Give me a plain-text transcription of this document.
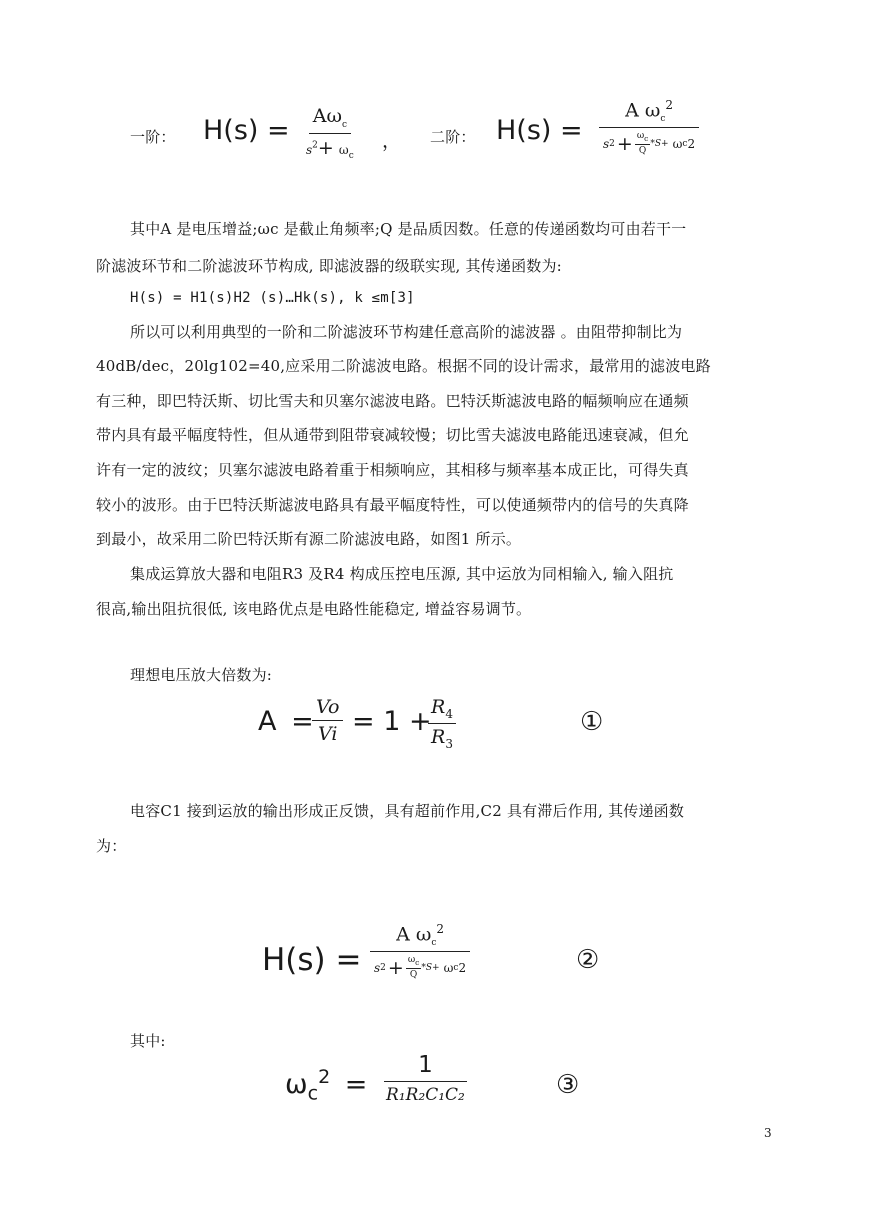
一阶： $H(s) = \frac{A\omega_c}{s^2+ \omega_c}$ ， 二阶： H(s) =
A $\omega_c^2$
s $2 + \frac{\omega_c}{Q} *S+ \omega$ c 2
其中A 是电压增益;ωc 是截止角频率;Q 是品质因数。任意的传递函数均可由若干一
阶滤波环节和二阶滤波环节构成, 即滤波器的级联实现, 其传递函数为:
H(s) = H1(s)H2 (s)…Hk(s), k ≤m[3]
所以可以利用典型的一阶和二阶滤波环节构建任意高阶的滤波器 。由阻带抑制比为
40dB/dec，20lg102=40,应采用二阶滤波电路。根据不同的设计需求，最常用的滤波电路
有三种，即巴特沃斯、切比雪夫和贝塞尔滤波电路。巴特沃斯滤波电路的幅频响应在通频
带内具有最平幅度特性，但从通带到阻带衰减较慢；切比雪夫滤波电路能迅速衰减，但允
许有一定的波纹；贝塞尔滤波电路着重于相频响应，其相移与频率基本成正比，可得失真
较小的波形。由于巴特沃斯滤波电路具有最平幅度特性，可以使通频带内的信号的失真降
到最小，故采用二阶巴特沃斯有源二阶滤波电路，如图1 所示。
集成运算放大器和电阻R3 及R4 构成压控电压源, 其中运放为同相输入, 输入阻抗
很高,输出阻抗很低, 该电路优点是电路性能稳定, 增益容易调节。
理想电压放大倍数为:
A =
$\frac{Vo}{Vi} = 1$ +
$\frac{R_4}{R_3}$	①
电容C1 接到运放的输出形成正反馈，具有超前作用,C2 具有滞后作用, 其传递函数
为：
H(s) =
A $\omega_c^2$
s $2 + \frac{\omega_c}{Q} *S+ \omega$ c 2	②
其中:
$\omega_c^2 = \frac{1}{\text{R₁R₂C₁C₂}}$	③
3
